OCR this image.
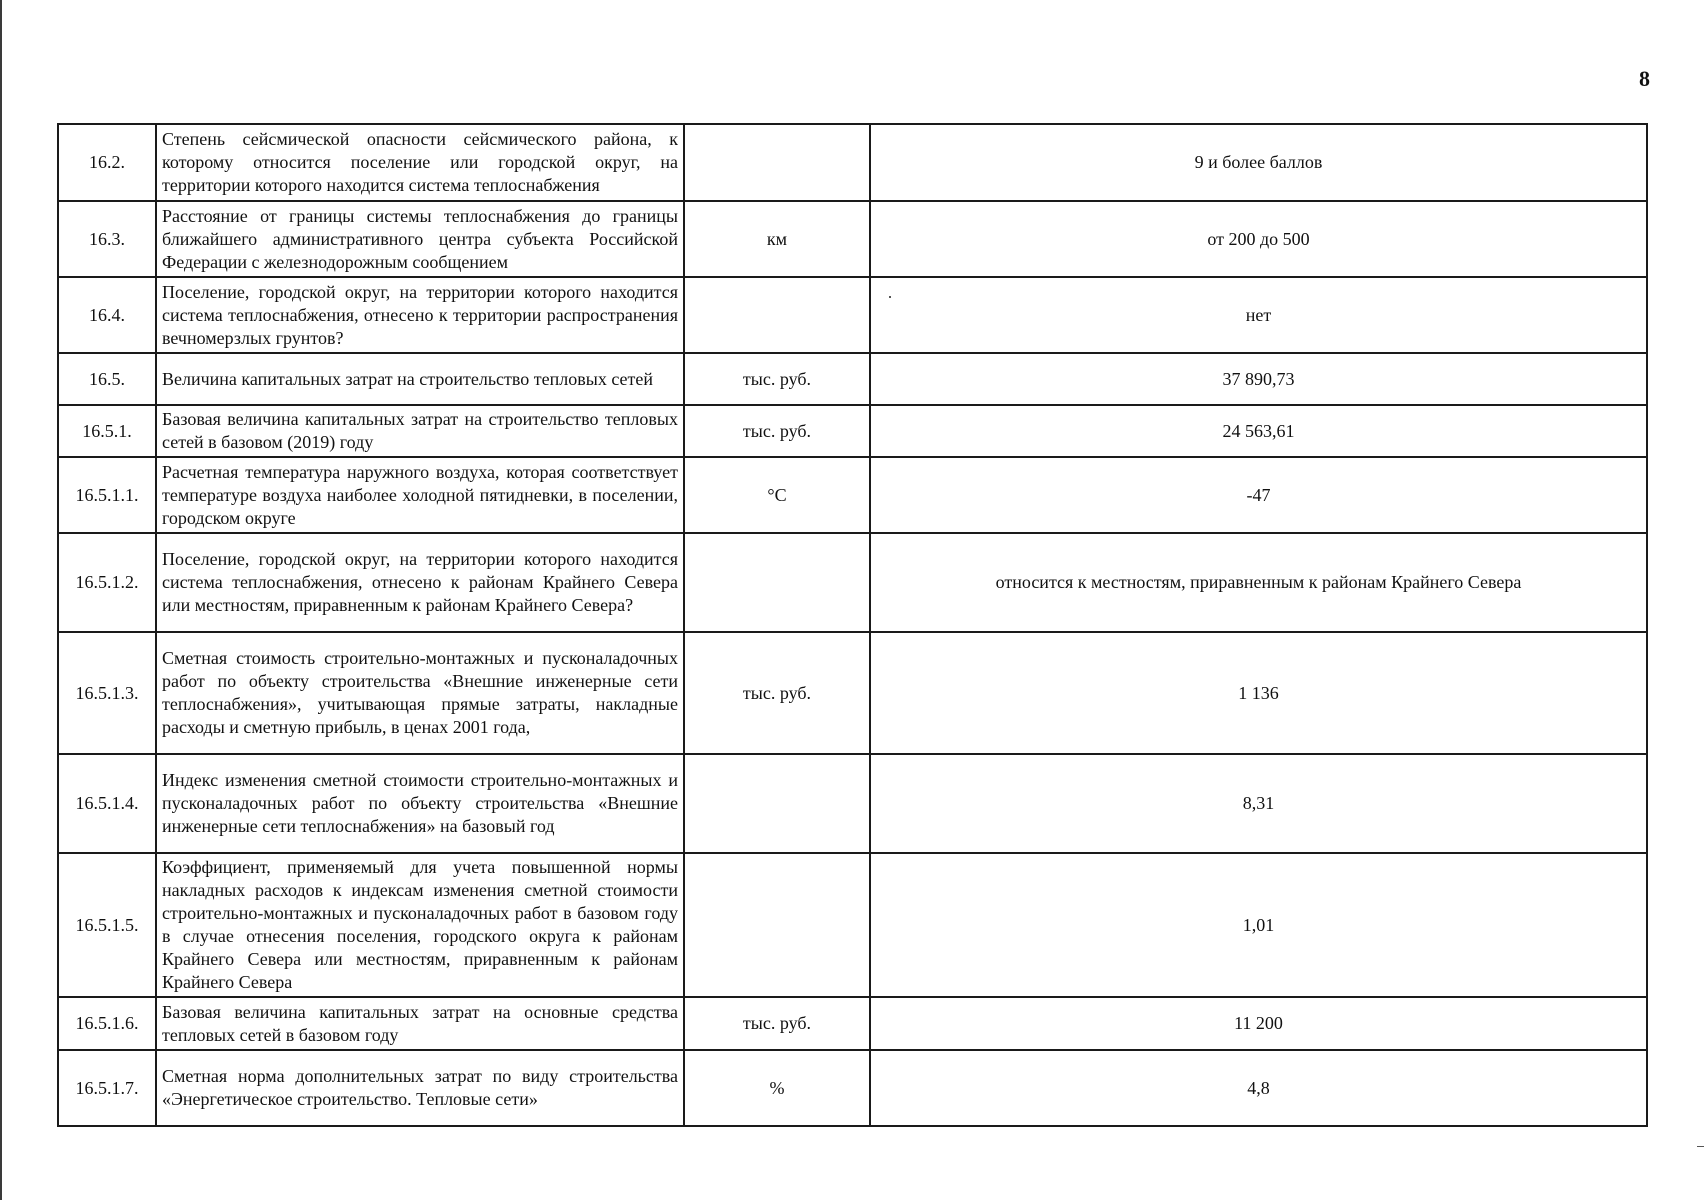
8
16.2.	Степень сейсмической опасности сейсмического района, к которому относится поселение или городской округ, на территории которого находится система теплоснабжения		9 и более баллов
16.3.	Расстояние от границы системы теплоснабжения до границы ближайшего административного центра субъекта Российской Федерации с железнодорожным сообщением	км	от 200 до 500
16.4.	Поселение, городской округ, на территории которого находится система теплоснабжения, отнесено к территории распространения вечномерзлых грунтов?		нет
16.5.	Величина капитальных затрат на строительство тепловых сетей	тыс. руб.	37 890,73
16.5.1.	Базовая величина капитальных затрат на строительство тепловых сетей в базовом (2019) году	тыс. руб.	24 563,61
16.5.1.1.	Расчетная температура наружного воздуха, которая соответствует температуре воздуха наиболее холодной пятидневки, в поселении, городском округе	°С	-47
16.5.1.2.	Поселение, городской округ, на территории которого находится система теплоснабжения, отнесено к районам Крайнего Севера или местностям, приравненным к районам Крайнего Севера?		относится к местностям, приравненным к районам Крайнего Севера
16.5.1.3.	Сметная стоимость строительно-монтажных и пусконаладочных работ по объекту строительства «Внешние инженерные сети теплоснабжения», учитывающая прямые затраты, накладные расходы и сметную прибыль, в ценах 2001 года,	тыс. руб.	1 136
16.5.1.4.	Индекс изменения сметной стоимости строительно-монтажных и пусконаладочных работ по объекту строительства «Внешние инженерные сети теплоснабжения» на базовый год		8,31
16.5.1.5.	Коэффициент, применяемый для учета повышенной нормы накладных расходов к индексам изменения сметной стоимости строительно-монтажных и пусконаладочных работ в базовом году в случае отнесения поселения, городского округа к районам Крайнего Севера или местностям, приравненным к районам Крайнего Севера		1,01
16.5.1.6.	Базовая величина капитальных затрат на основные средства тепловых сетей в базовом году	тыс. руб.	11 200
16.5.1.7.	Сметная норма дополнительных затрат по виду строительства «Энергетическое строительство. Тепловые сети»	%	4,8
